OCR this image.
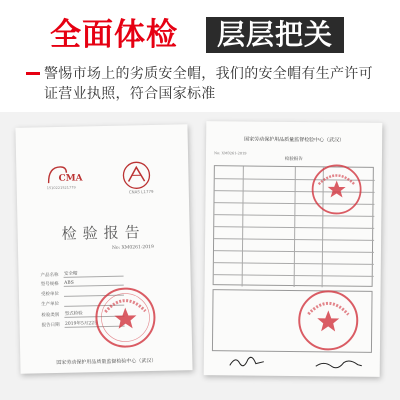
全面体检	层层把关
警惕市场上的劣质安全帽，我们的安全帽有生产许可证营业执照，符合国家标准
CMA
1510221521779
CNAS L1779
检验报告
No: XM0261-2019
产品名称 安全帽
型号规格 ABS
受检单位
生产单位
检验类别 型式检验
报告日期 2019年5月22日
国家劳动保护用品质量监督检验中心（武汉）
国家劳动保护用品质量监督检验中心（武汉）
No: XM0261-2019
检验报告
